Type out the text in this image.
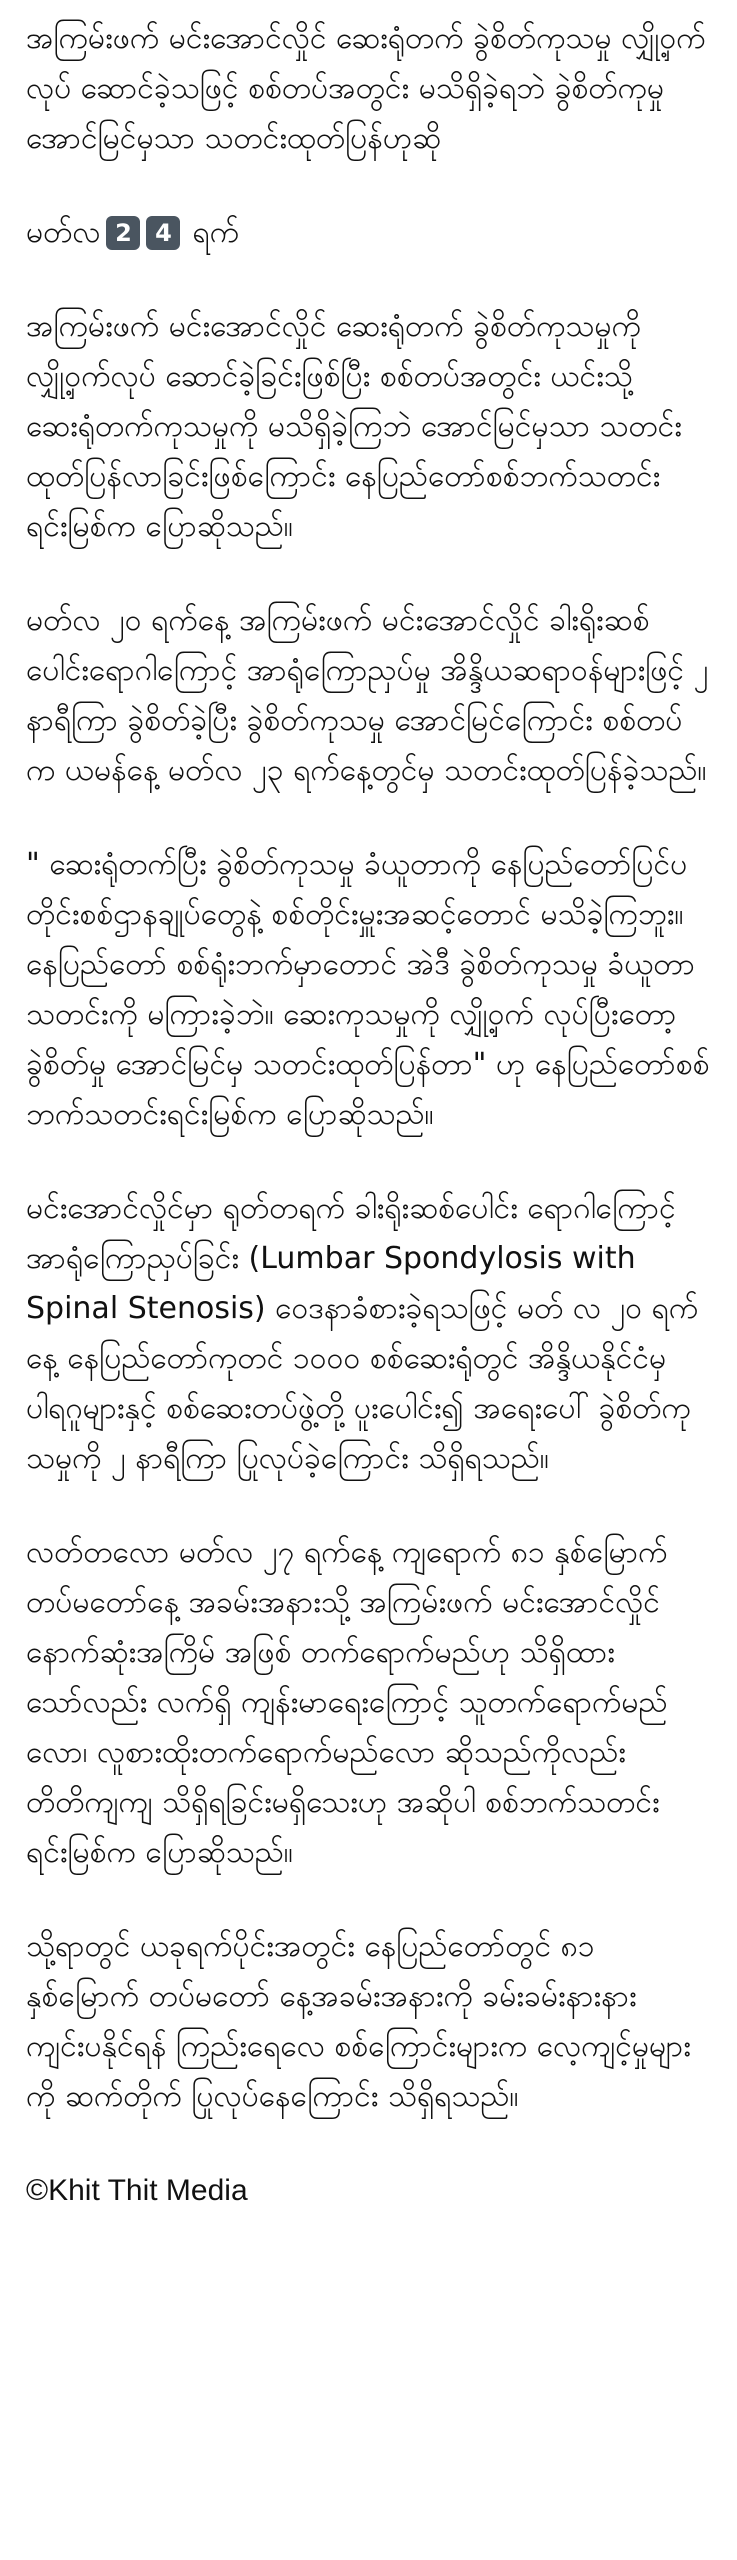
အကြမ်းဖက် မင်းအောင်လှိုင် ဆေးရုံတက် ခွဲစိတ်ကုသမှု လျှို့ဝှက် လုပ် ဆောင်ခဲ့သဖြင့် စစ်တပ်အတွင်း မသိရှိခဲ့ရဘဲ ခွဲစိတ်ကုမှု အောင်မြင်မှသာ သတင်းထုတ်ပြန်ဟုဆို

မတ်လ 2 4 ရက်

အကြမ်းဖက် မင်းအောင်လှိုင် ဆေးရုံတက် ခွဲစိတ်ကုသမှုကို လျှို့ဝှက်လုပ် ဆောင်ခဲ့ခြင်းဖြစ်ပြီး စစ်တပ်အတွင်း ယင်းသို့ ဆေးရုံတက်ကုသမှုကို မသိရှိခဲ့ကြဘဲ အောင်မြင်မှသာ သတင်းထုတ်ပြန်လာခြင်းဖြစ်ကြောင်း နေပြည်တော်စစ်ဘက်သတင်းရင်းမြစ်က ပြောဆိုသည်။

မတ်လ ၂၀ ရက်နေ့ အကြမ်းဖက် မင်းအောင်လှိုင် ခါးရိုးဆစ်ပေါင်းရောဂါကြောင့် အာရုံကြောညှပ်မှု အိန္ဒိယဆရာဝန်များဖြင့် ၂ နာရီကြာ ခွဲစိတ်ခဲ့ပြီး ခွဲစိတ်ကုသမှု အောင်မြင်ကြောင်း စစ်တပ်က ယမန်နေ့ မတ်လ ၂၃ ရက်နေ့တွင်မှ သတင်းထုတ်ပြန်ခဲ့သည်။

" ဆေးရုံတက်ပြီး ခွဲစိတ်ကုသမှု ခံယူတာကို နေပြည်တော်ပြင်ပ တိုင်းစစ်ဌာနချုပ်တွေနဲ့ စစ်တိုင်းမှူးအဆင့်တောင် မသိခဲ့ကြဘူး။ နေပြည်တော် စစ်ရုံးဘက်မှာတောင် အဲဒီ ခွဲစိတ်ကုသမှု ခံယူတာ သတင်းကို မကြားခဲ့ဘဲ။ ဆေးကုသမှုကို လျှို့ဝှက် လုပ်ပြီးတော့ ခွဲစိတ်မှု အောင်မြင်မှ သတင်းထုတ်ပြန်တာ" ဟု နေပြည်တော်စစ်ဘက်သတင်းရင်းမြစ်က ပြောဆိုသည်။

မင်းအောင်လှိုင်မှာ ရုတ်တရက် ခါးရိုးဆစ်ပေါင်း ရောဂါကြောင့် အာရုံကြောညှပ်ခြင်း (Lumbar Spondylosis with Spinal Stenosis) ဝေဒနာခံစားခဲ့ရသဖြင့် မတ် လ ၂၀ ရက်နေ့ နေပြည်တော်ကုတင် ၁၀၀၀ စစ်ဆေးရုံတွင် အိန္ဒိယနိုင်ငံမှပါရဂူများနှင့် စစ်ဆေးတပ်ဖွဲ့တို့ ပူးပေါင်း၍ အရေးပေါ် ခွဲစိတ်ကုသမှုကို ၂ နာရီကြာ ပြုလုပ်ခဲ့ကြောင်း သိရှိရသည်။

လတ်တလော မတ်လ ၂၇ ရက်နေ့ ကျရောက် ၈၁ နှစ်မြောက် တပ်မတော်နေ့ အခမ်းအနားသို့ အကြမ်းဖက် မင်းအောင်လှိုင် နောက်ဆုံးအကြိမ် အဖြစ် တက်ရောက်မည်ဟု သိရှိထားသော်လည်း လက်ရှိ ကျန်းမာရေးကြောင့် သူတက်ရောက်မည်လော၊ လူစားထိုးတက်ရောက်မည်လော ဆိုသည်ကိုလည်း တိတိကျကျ သိရှိရခြင်းမရှိသေးဟု အဆိုပါ စစ်ဘက်သတင်းရင်းမြစ်က ပြောဆိုသည်။

သို့ရာတွင် ယခုရက်ပိုင်းအတွင်း နေပြည်တော်တွင် ၈၁ နှစ်မြောက် တပ်မတော် နေ့အခမ်းအနားကို ခမ်းခမ်းနားနားကျင်းပနိုင်ရန် ကြည်းရေလေ စစ်ကြောင်းများက လေ့ကျင့်မှုများကို ဆက်တိုက် ပြုလုပ်နေကြောင်း သိရှိရသည်။

©Khit Thit Media
